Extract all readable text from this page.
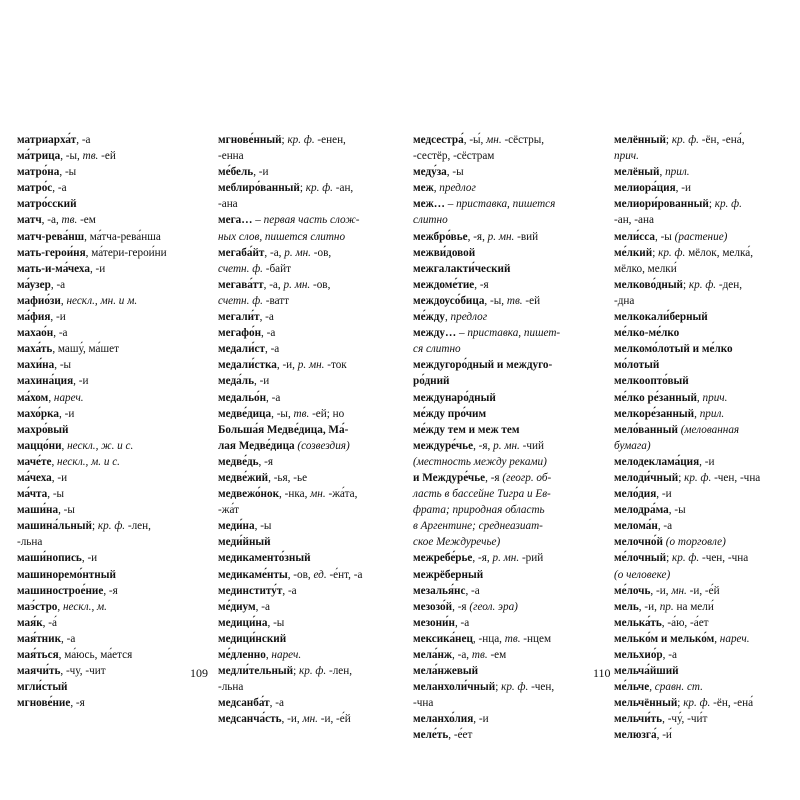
матриарха́т, -а
ма́трица, -ы, тв. -ей
матро́на, -ы
матро́с, -а
матро́сский
матч, -а, тв. -ем
матч-рева́нш, ма́тча-рева́нша
мать-герои́ня, ма́тери-герои́ни
мать-и-ма́чеха, -и
ма́узер, -а
мафио́зи, нескл., мн. и м.
ма́фия, -и
махао́н, -а
маха́ть, машу́, ма́шет
махи́на, -ы
махина́ция, -и
ма́хом, нареч.
махо́рка, -и
махро́вый
маццо́ни, нескл., ж. и с.
маче́те, нескл., м. и с.
ма́чеха, -и
ма́чта, -ы
маши́на, -ы
машина́льный; кр. ф. -лен,
-льна
маши́нопись, -и
машиноремо́нтный
машинострое́ние, -я
маэ́стро, нескл., м.
мая́к, -а́
мая́тник, -а
мая́ться, ма́юсь, ма́ется
маячи́ть, -чу, -чит
мгли́стый
мгнове́ние, -я
мгнове́нный; кр. ф. -енен,
-енна
ме́бель, -и
меблиро́ванный; кр. ф. -ан,
-ана
мега… – первая часть слож-
ных слов, пишется слитно
мегаба́йт, -а, р. мн. -ов,
счетн. ф. -байт
мегава́тт, -а, р. мн. -ов,
счетн. ф. -ватт
мегали́т, -а
мегафо́н, -а
медали́ст, -а
медали́стка, -и, р. мн. -ток
меда́ль, -и
медальо́н, -а
медве́дица, -ы, тв. -ей; но
Больша́я Медве́дица, Ма́-
лая Медве́дица (созвездия)
медве́дь, -я
медве́жий, -ья, -ье
медвежо́нок, -нка, мн. -жа́та,
-жа́т
меди́на, -ы
меди́йный
медикаменто́зный
медикаме́нты, -ов, ед. -е́нт, -а
мединститу́т, -а
ме́диум, -а
медици́на, -ы
медици́нский
ме́дленно, нареч.
медли́тельный; кр. ф. -лен,
-льна
медсанба́т, -а
медсанча́сть, -и, мн. -и, -е́й
109
медсестра́, -ы́, мн. -сёстры,
-сестёр, -сёстрам
меду́за, -ы
меж, предлог
меж… – приставка, пишется
слитно
межбро́вье, -я, р. мн. -вий
межви́довой
межгалакти́ческий
междоме́тие, -я
междоусо́бица, -ы, тв. -ей
ме́жду, предлог
между… – приставка, пишет-
ся слитно
междугоро́дный и междуго-
ро́дний
междунаро́дный
ме́жду про́чим
ме́жду тем и меж тем
междуре́чье, -я, р. мн. -чий
(местность между реками)
и Междуре́чье, -я (геогр. об-
ласть в бассейне Тигра и Ев-
фрата; природная область
в Аргентине; среднеазиат-
ское Междуречье)
межребе́рье, -я, р. мн. -рий
межрёберный
мезалья́нс, -а
мезозо́й, -я (геол. эра)
мезони́н, -а
мексика́нец, -нца, тв. -нцем
мела́нж, -а, тв. -ем
мела́нжевый
меланхоли́чный; кр. ф. -чен,
-чна
меланхо́лия, -и
меле́ть, -е́ет
мелённый; кр. ф. -ён, -ена́,
прич.
мелёный, прил.
мелиора́ция, -и
мелиори́рованный; кр. ф.
-ан, -ана
мели́сса, -ы (растение)
ме́лкий; кр. ф. мёлок, мелка́,
мёлко, мелки́
мелково́дный; кр. ф. -ден,
-дна
мелкокали́берный
ме́лко-ме́лко
мелкомо́лотый и ме́лко
мо́лотый
мелкоопто́вый
ме́лко ре́занный, прич.
мелкоре́занный, прил.
мело́ванный (мелованная
бумага)
мелодеклама́ция, -и
мелоди́чный; кр. ф. -чен, -чна
мело́дия, -и
мелодра́ма, -ы
мелома́н, -а
мелочно́й (о торговле)
ме́лочный; кр. ф. -чен, -чна
(о человеке)
ме́лочь, -и, мн. -и, -е́й
мель, -и, пр. на мели́
мелька́ть, -а́ю, -а́ет
мелько́м и мелько́м, нареч.
мельхио́р, -а
мельча́йший
ме́льче, сравн. ст.
мельчённый; кр. ф. -ён, -ена́
мельчи́ть, -чу́, -чи́т
мелюзга́, -и́
110
